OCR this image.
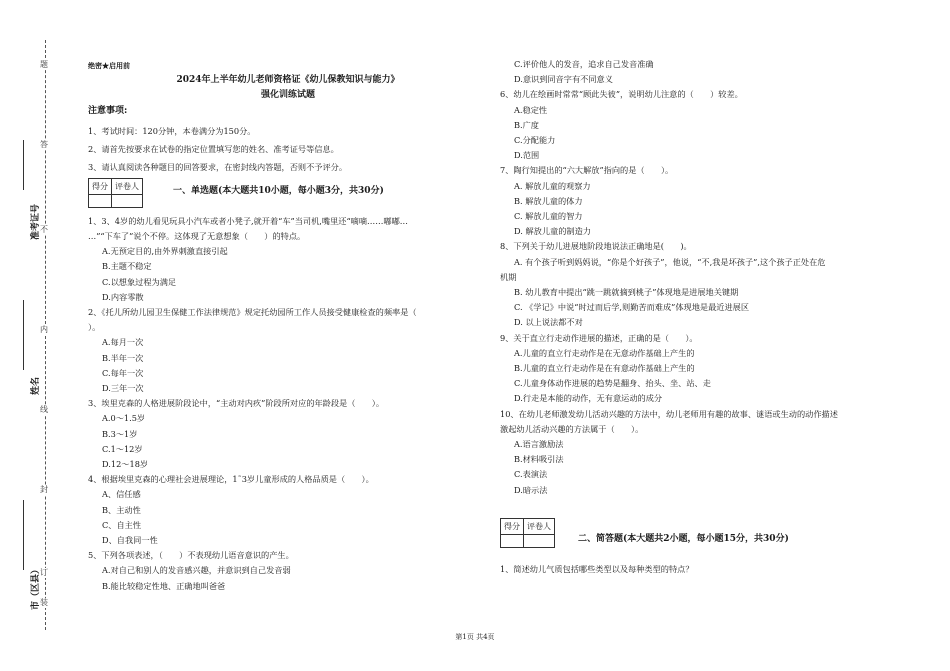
题
答
不
内
线
封
订
装
准考证号
姓名
市（区县）

绝密★启用前

2024年上半年幼儿老师资格证《幼儿保教知识与能力》

强化训练试题

注意事项:

1、考试时间：120分钟，本卷满分为150分。

2、请首先按要求在试卷的指定位置填写您的姓名、准考证号等信息。

3、请认真阅读各种题目的回答要求，在密封线内答题，否则不予评分。

得分	评卷人
		一、单选题(本大题共10小题，每小题3分，共30分)

1、3、4岁的幼儿看见玩具小汽车或者小凳子,就开着“车”当司机,嘴里还“嘀嘀……嘟嘟…

…”“下车了”说个不停。这体现了无意想象（　　）的特点。

A.无预定目的,由外界刺激直接引起

B.主题不稳定

C.以想象过程为满足

D.内容零散

2、《托儿所幼儿园卫生保健工作法律规范》规定托幼园所工作人员接受健康检查的频率是（

）。

A.每月一次

B.半年一次

C.每年一次

D.三年一次

3、埃里克森的人格进展阶段论中，“主动对内疚”阶段所对应的年龄段是（　　）。

A.0～1.5岁

B.3～1岁

C.1～12岁

D.12～18岁

4、根据埃里克森的心理社会进展理论，1˜3岁儿童形成的人格品质是（　　）。

A、信任感

B、主动性

C、自主性

D、自我同一性

5、下列各项表述，（　　）不表现幼儿语音意识的产生。

A.对自己和别人的发音感兴趣，并意识到自己发音弱

B.能比较稳定性地、正确地叫爸爸

C.评价他人的发音，追求自己发音准确

D.意识到同音字有不同意义

6、幼儿在绘画时常常“顾此失彼”，说明幼儿注意的（　　）较差。

A.稳定性

B.广度

C.分配能力

D.范围

7、陶行知提出的“六大解放”指向的是（　　）。

A. 解放儿童的观察力

B. 解放儿童的体力

C. 解放儿童的智力

D. 解放儿童的制造力

8、下列关于幼儿进展地阶段地说法正确地是(　　)。

A. 有个孩子听到妈妈说，“你是个好孩子”，他说，“不,我是坏孩子”,这个孩子正处在危

机期

B. 幼儿教育中提出“跳一跳就摘到桃子”体现地是进展地关键期

C. 《学记》中说“时过而后学,则勤苦而难成”体现地是最近进展区

D. 以上说法都不对

9、关于直立行走动作进展的描述，正确的是（　　）。

A.儿童的直立行走动作是在无意动作基础上产生的

B.儿童的直立行走动作是在有意动作基础上产生的

C.儿童身体动作进展的趋势是翻身、抬头、坐、站、走

D.行走是本能的动作，无有意运动的成分

10、在幼儿老师激发幼儿活动兴趣的方法中，幼儿老师用有趣的故事、谜语或生动的动作描述

激起幼儿活动兴趣的方法属于（　　）。

A.语言激励法

B.材料吸引法

C.表演法

D.暗示法

得分	评卷人

二、简答题(本大题共2小题，每小题15分，共30分)

1、简述幼儿气质包括哪些类型以及每种类型的特点？

第1页 共4页
